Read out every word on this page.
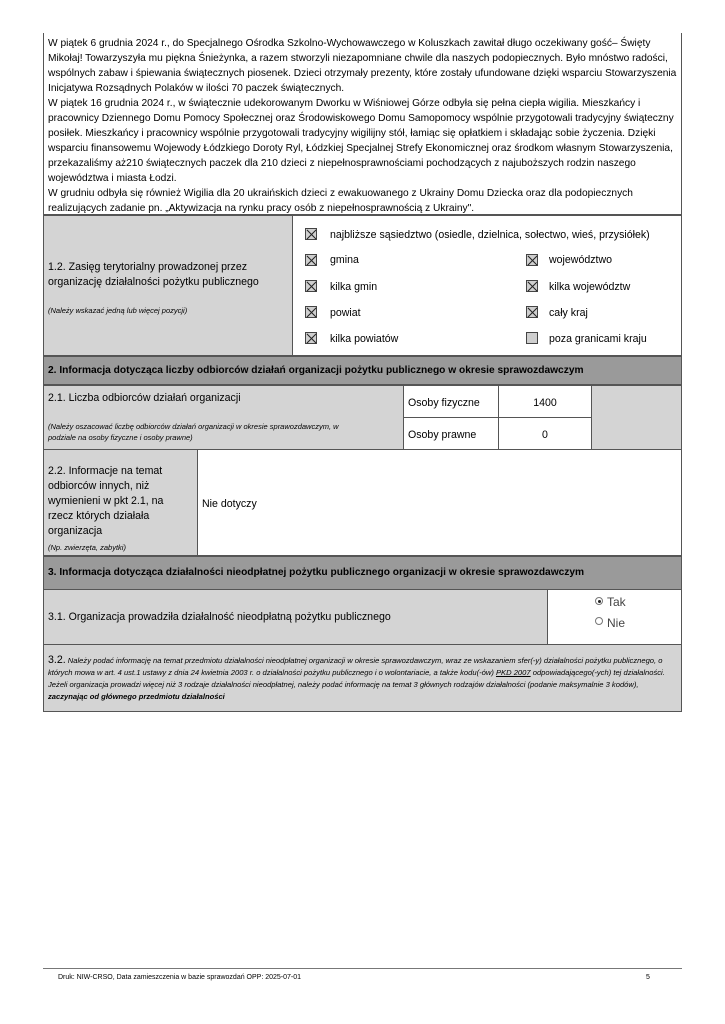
W piątek 6 grudnia 2024 r., do Specjalnego Ośrodka Szkolno-Wychowawczego w Koluszkach zawitał długo oczekiwany gość– Święty Mikołaj! Towarzyszyła mu piękna Śnieżynka, a razem stworzyli niezapomniane chwile dla naszych podopiecznych. Było mnóstwo radości, wspólnych zabaw i śpiewania świątecznych piosenek. Dzieci otrzymały prezenty, które zostały ufundowane dzięki wsparciu Stowarzyszenia Inicjatywa Rozsądnych Polaków w ilości 70 paczek świątecznych.

W piątek 16 grudnia 2024 r., w świątecznie udekorowanym Dworku w Wiśniowej Górze odbyła się pełna ciepła wigilia. Mieszkańcy i pracownicy Dziennego Domu Pomocy Społecznej oraz Środowiskowego Domu Samopomocy wspólnie przygotowali tradycyjny świąteczny posiłek. Mieszkańcy i pracownicy wspólnie przygotowali tradycyjny wigilijny stół, łamiąc się opłatkiem i składając sobie życzenia. Dzięki wsparciu finansowemu Wojewody Łódzkiego Doroty Ryl, Łódzkiej Specjalnej Strefy Ekonomicznej oraz środkom własnym Stowarzyszenia, przekazaliśmy aż210 świątecznych paczek dla 210 dzieci z niepełnosprawnościami pochodzących z najuboższych rodzin naszego województwa i miasta Łodzi.

W grudniu odbyła się również Wigilia dla 20 ukraińskich dzieci z ewakuowanego z Ukrainy Domu Dziecka oraz dla podopiecznych realizujących zadanie pn. „Aktywizacja na rynku pracy osób z niepełnosprawnością z Ukrainy".

1.2. Zasięg terytorialny prowadzonej przez organizację działalności pożytku publicznego
(Należy wskazać jedną lub więcej pozycji)
najbliższe sąsiedztwo (osiedle, dzielnica, sołectwo, wieś, przysiółek)
gmina	województwo
kilka gmin	kilka województw
powiat	cały kraj
kilka powiatów	poza granicami kraju
2. Informacja dotycząca liczby odbiorców działań organizacji pożytku publicznego w okresie sprawozdawczym
2.1. Liczba odbiorców działań organizacji
(Należy oszacować liczbę odbiorców działań organizacji w okresie sprawozdawczym, w podziale na osoby fizyczne i osoby prawne)
Osoby fizyczne	1400
Osoby prawne	0
2.2. Informacje na temat odbiorców innych, niż wymienieni w pkt 2.1, na rzecz których działała organizacja
(Np. zwierzęta, zabytki)
Nie dotyczy
3. Informacja dotycząca działalności nieodpłatnej pożytku publicznego organizacji w okresie sprawozdawczym
3.1. Organizacja prowadziła działalność nieodpłatną pożytku publicznego
Tak
Nie
3.2. Należy podać informację na temat przedmiotu działalności nieodpłatnej organizacji w okresie sprawozdawczym, wraz ze wskazaniem sfer(-y) działalności pożytku publicznego, o których mowa w art. 4 ust.1 ustawy z dnia 24 kwietnia 2003 r. o działalności pożytku publicznego i o wolontariacie, a także kodu(-ów) PKD 2007 odpowiadającego(-ych) tej działalności. Jeżeli organizacja prowadzi więcej niż 3 rodzaje działalności nieodpłatnej, należy podać informację na temat 3 głównych rodzajów działalności (podanie maksymalnie 3 kodów), zaczynając od głównego przedmiotu działalności
Druk: NIW-CRSO, Data zamieszczenia w bazie sprawozdań OPP: 2025-07-01	5
